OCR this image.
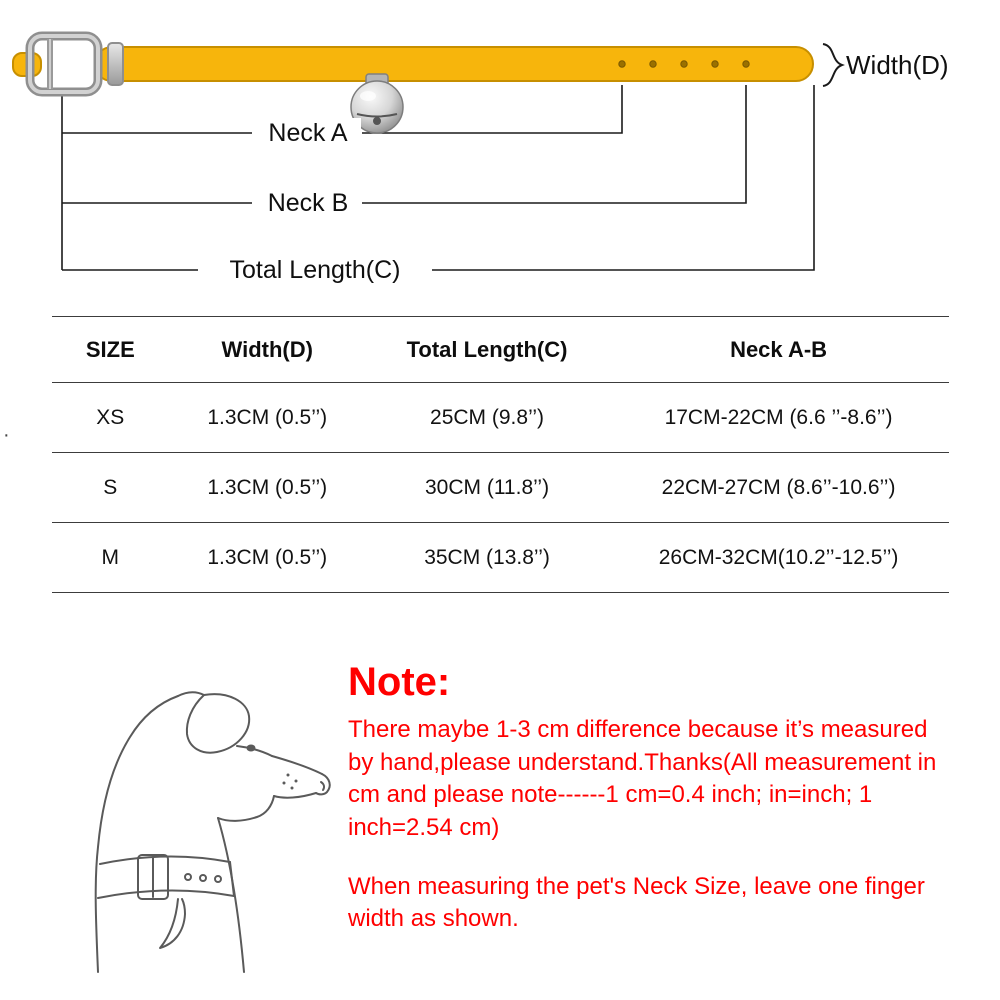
Neck A
Neck B
Total Length(C)
Width(D)
SIZE	Width(D)	Total Length(C)	Neck A-B
XS	1.3CM (0.5’’)	25CM (9.8’’)	17CM-22CM (6.6 ’’-8.6’’)
S	1.3CM (0.5’’)	30CM (11.8’’)	22CM-27CM (8.6’’-10.6’’)
M	1.3CM (0.5’’)	35CM (13.8’’)	26CM-32CM(10.2’’-12.5’’)
·
Note:

There maybe 1-3 cm difference because it’s measured by hand,please understand.Thanks(All measurement in cm and please note------1 cm=0.4 inch; in=inch; 1 inch=2.54 cm)

When measuring the pet's Neck Size, leave one finger width as shown.
